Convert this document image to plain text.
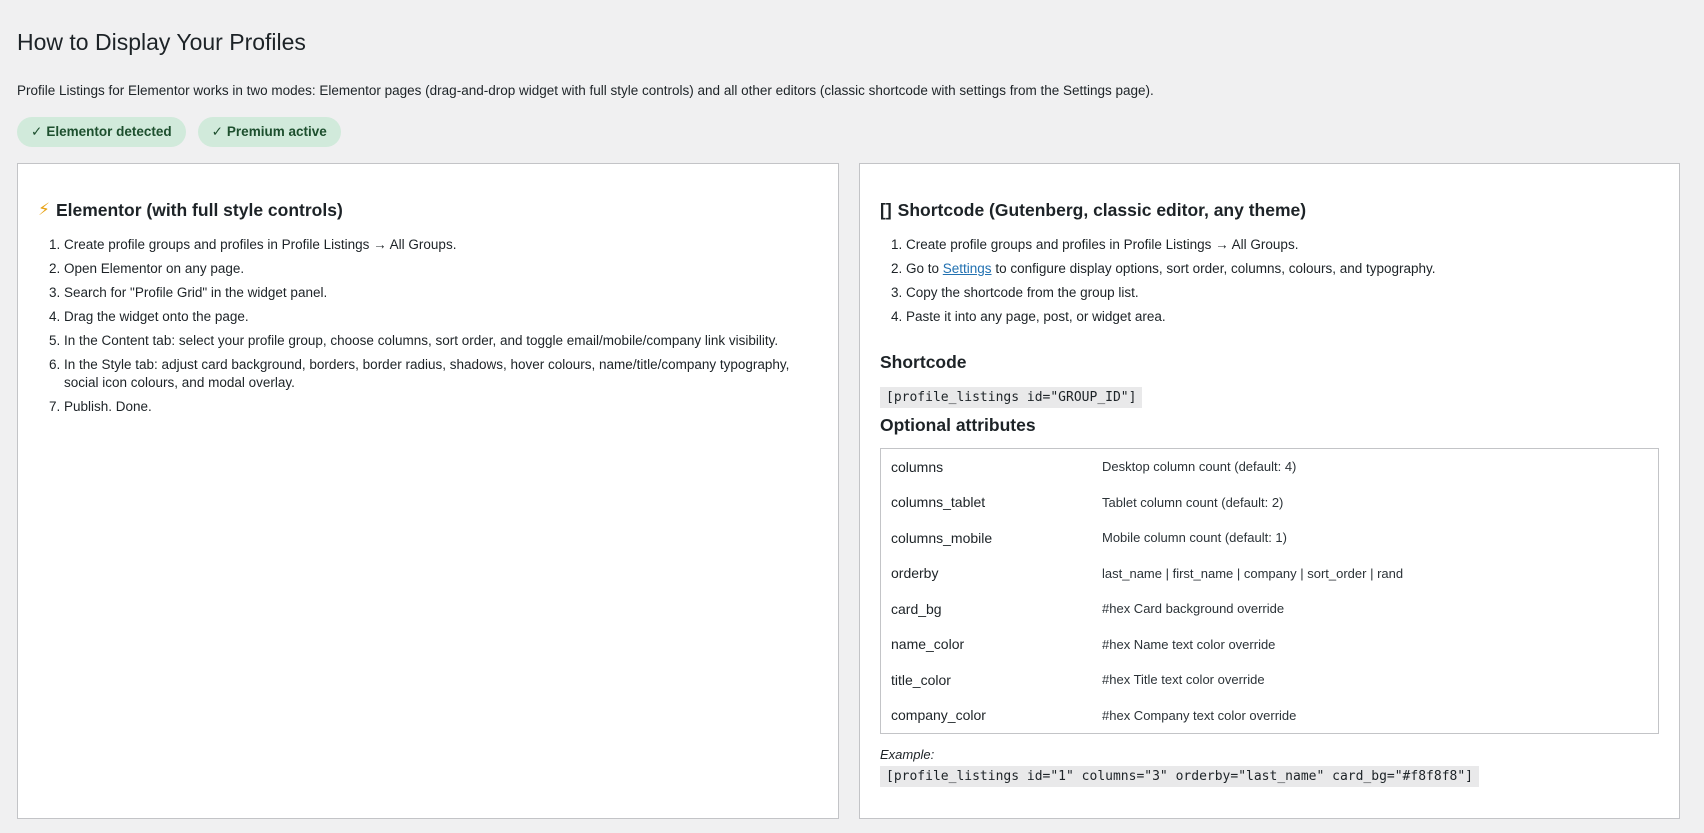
How to Display Your Profiles
Profile Listings for Elementor works in two modes: Elementor pages (drag-and-drop widget with full style controls) and all other editors (classic shortcode with settings from the Settings page).
✓ Elementor detected	✓ Premium active
⚡ Elementor (with full style controls)
1. Create profile groups and profiles in Profile Listings → All Groups.
2. Open Elementor on any page.
3. Search for "Profile Grid" in the widget panel.
4. Drag the widget onto the page.
5. In the Content tab: select your profile group, choose columns, sort order, and toggle email/mobile/company link visibility.
6. In the Style tab: adjust card background, borders, border radius, shadows, hover colours, name/title/company typography, social icon colours, and modal overlay.
7. Publish. Done.
[] Shortcode (Gutenberg, classic editor, any theme)
1. Create profile groups and profiles in Profile Listings → All Groups.
2. Go to Settings to configure display options, sort order, columns, colours, and typography.
3. Copy the shortcode from the group list.
4. Paste it into any page, post, or widget area.
Shortcode
[profile_listings id="GROUP_ID"]
Optional attributes
columns	Desktop column count (default: 4)
columns_tablet	Tablet column count (default: 2)
columns_mobile	Mobile column count (default: 1)
orderby	last_name | first_name | company | sort_order | rand
card_bg	#hex Card background override
name_color	#hex Name text color override
title_color	#hex Title text color override
company_color	#hex Company text color override
Example:
[profile_listings id="1" columns="3" orderby="last_name" card_bg="#f8f8f8"]
